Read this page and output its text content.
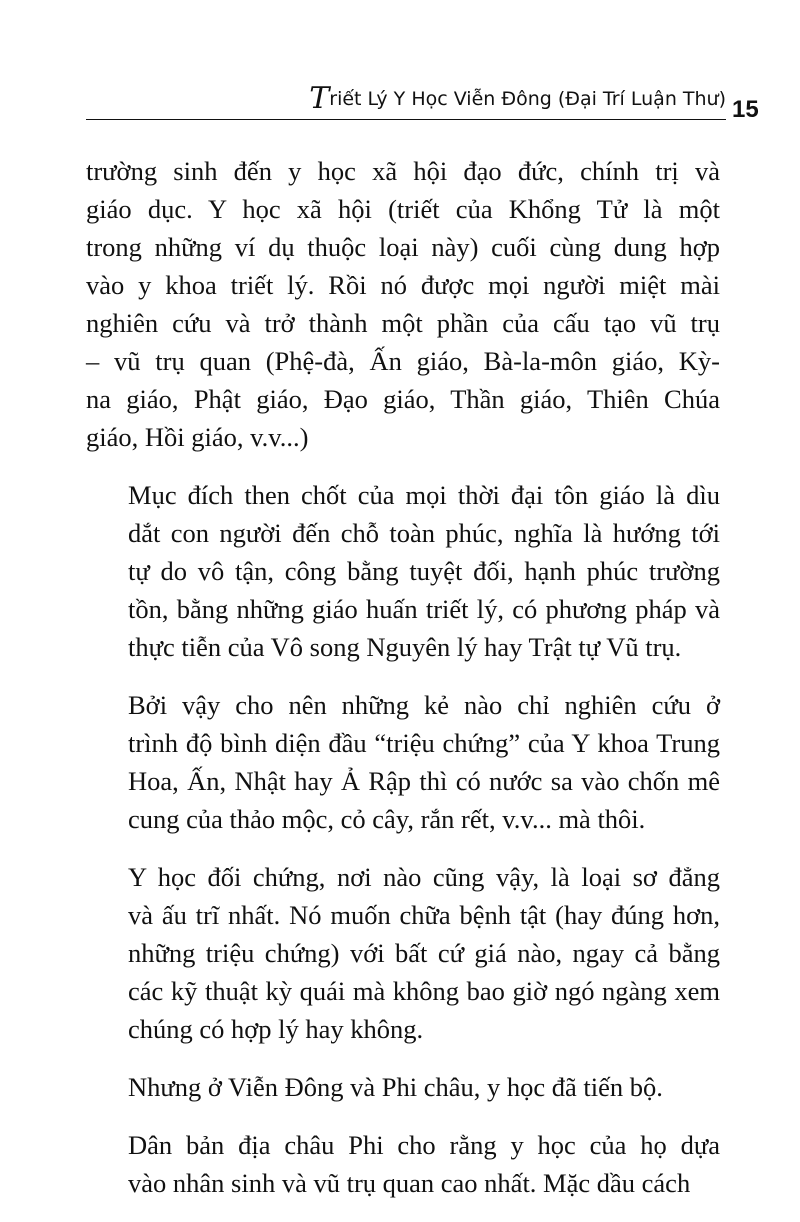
Triết Lý Y Học Viễn Đông (Đại Trí Luận Thư) 15

trường sinh đến y học xã hội đạo đức, chính trị và
giáo dục. Y học xã hội (triết của Khổng Tử là một
trong những ví dụ thuộc loại này) cuối cùng dung hợp
vào y khoa triết lý. Rồi nó được mọi người miệt mài
nghiên cứu và trở thành một phần của cấu tạo vũ trụ
– vũ trụ quan (Phệ-đà, Ấn giáo, Bà-la-môn giáo, Kỳ-
na giáo, Phật giáo, Đạo giáo, Thần giáo, Thiên Chúa
giáo, Hồi giáo, v.v...)

Mục đích then chốt của mọi thời đại tôn giáo là dìu
dắt con người đến chỗ toàn phúc, nghĩa là hướng tới
tự do vô tận, công bằng tuyệt đối, hạnh phúc trường
tồn, bằng những giáo huấn triết lý, có phương pháp và
thực tiễn của Vô song Nguyên lý hay Trật tự Vũ trụ.

Bởi vậy cho nên những kẻ nào chỉ nghiên cứu ở
trình độ bình diện đầu “triệu chứng” của Y khoa Trung
Hoa, Ấn, Nhật hay Ả Rập thì có nước sa vào chốn mê
cung của thảo mộc, cỏ cây, rắn rết, v.v... mà thôi.

Y học đối chứng, nơi nào cũng vậy, là loại sơ đẳng
và ấu trĩ nhất. Nó muốn chữa bệnh tật (hay đúng hơn,
những triệu chứng) với bất cứ giá nào, ngay cả bằng
các kỹ thuật kỳ quái mà không bao giờ ngó ngàng xem
chúng có hợp lý hay không.

Nhưng ở Viễn Đông và Phi châu, y học đã tiến bộ.

Dân bản địa châu Phi cho rằng y học của họ dựa
vào nhân sinh và vũ trụ quan cao nhất. Mặc dầu cách
